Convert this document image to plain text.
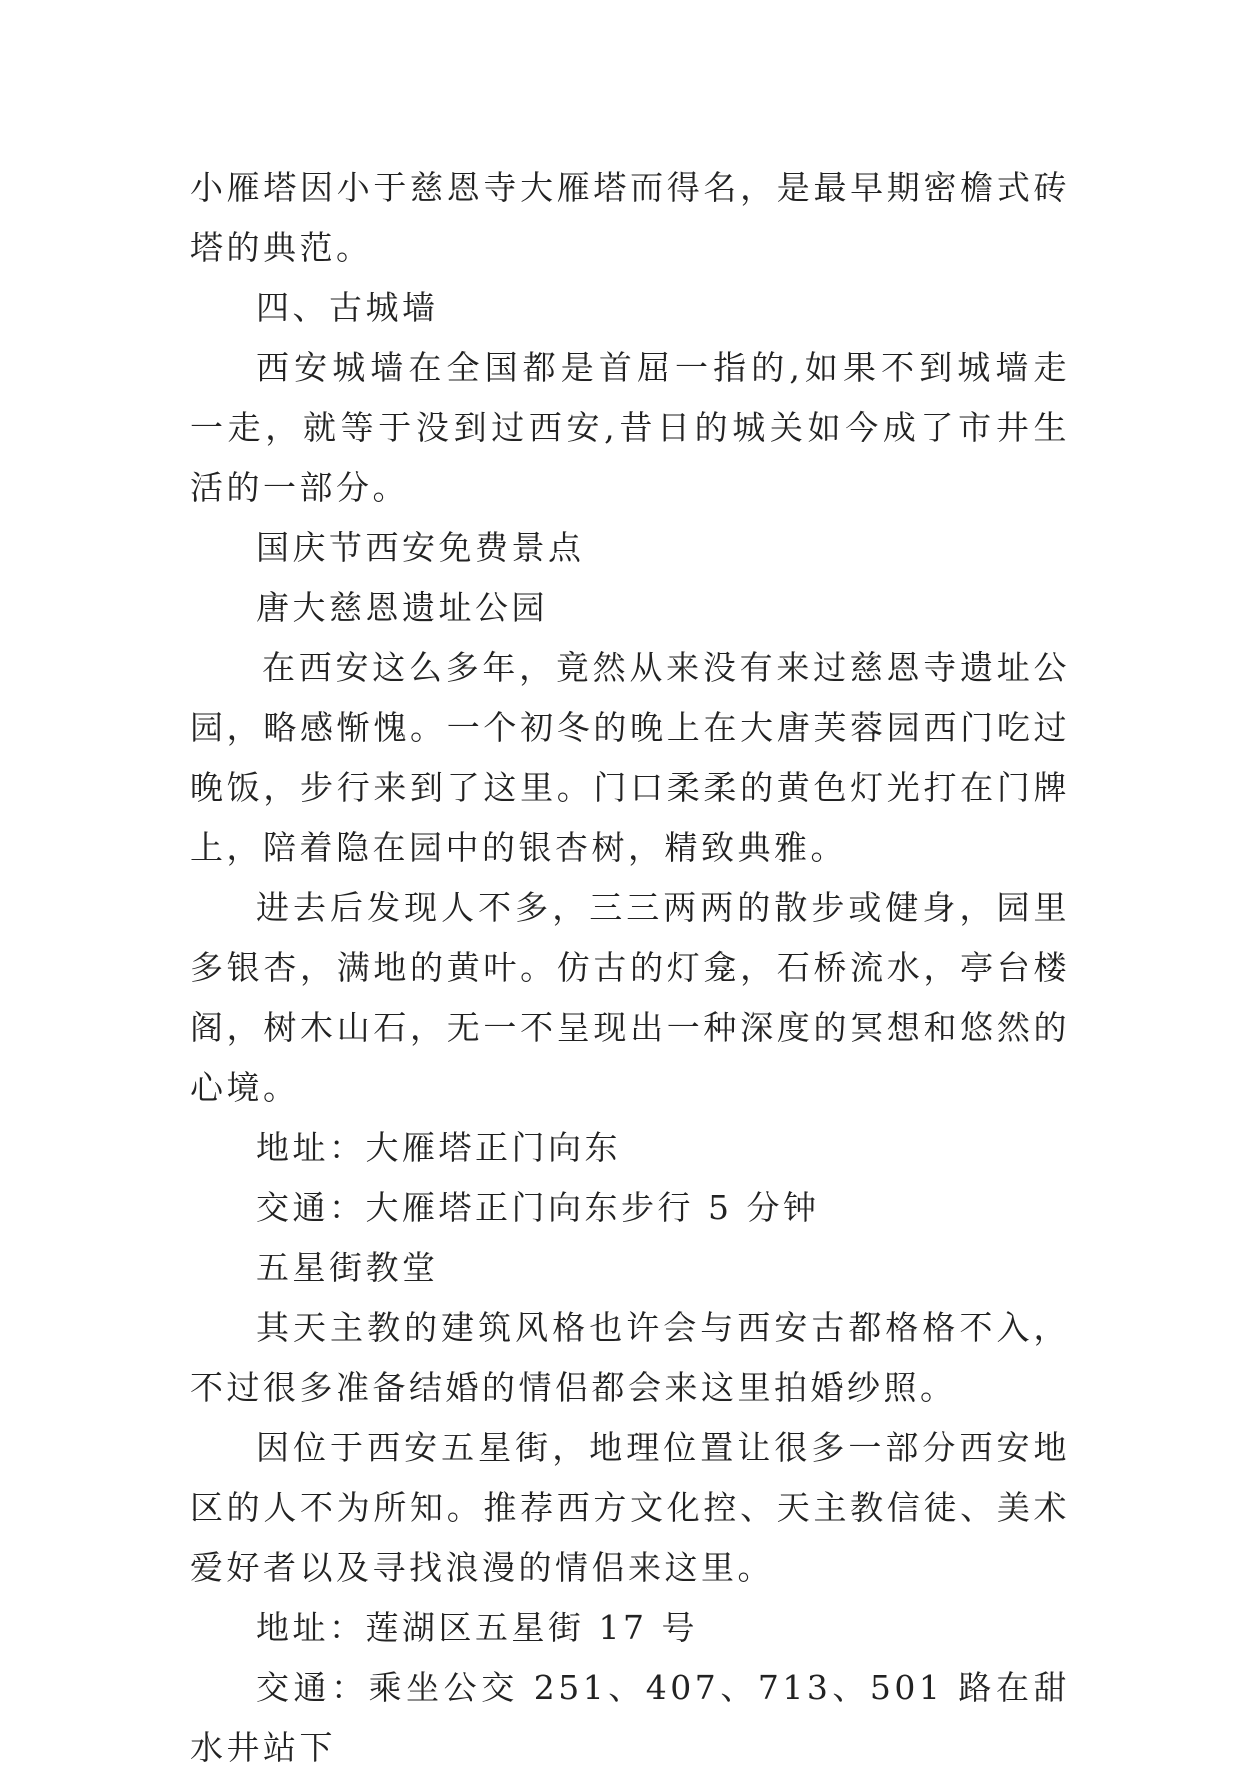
小雁塔因小于慈恩寺大雁塔而得名，是最早期密檐式砖塔的典范。

四、古城墙

西安城墙在全国都是首屈一指的,如果不到城墙走一走，就等于没到过西安,昔日的城关如今成了市井生活的一部分。

国庆节西安免费景点

唐大慈恩遗址公园

在西安这么多年，竟然从来没有来过慈恩寺遗址公园，略感惭愧。一个初冬的晚上在大唐芙蓉园西门吃过晚饭，步行来到了这里。门口柔柔的黄色灯光打在门牌上，陪着隐在园中的银杏树，精致典雅。

进去后发现人不多，三三两两的散步或健身，园里多银杏，满地的黄叶。仿古的灯龛，石桥流水，亭台楼阁，树木山石，无一不呈现出一种深度的冥想和悠然的心境。

地址：大雁塔正门向东

交通：大雁塔正门向东步行 5 分钟

五星街教堂

其天主教的建筑风格也许会与西安古都格格不入，不过很多准备结婚的情侣都会来这里拍婚纱照。

因位于西安五星街，地理位置让很多一部分西安地区的人不为所知。推荐西方文化控、天主教信徒、美术爱好者以及寻找浪漫的情侣来这里。

地址：莲湖区五星街 17 号

交通：乘坐公交 251、407、713、501 路在甜水井站下
